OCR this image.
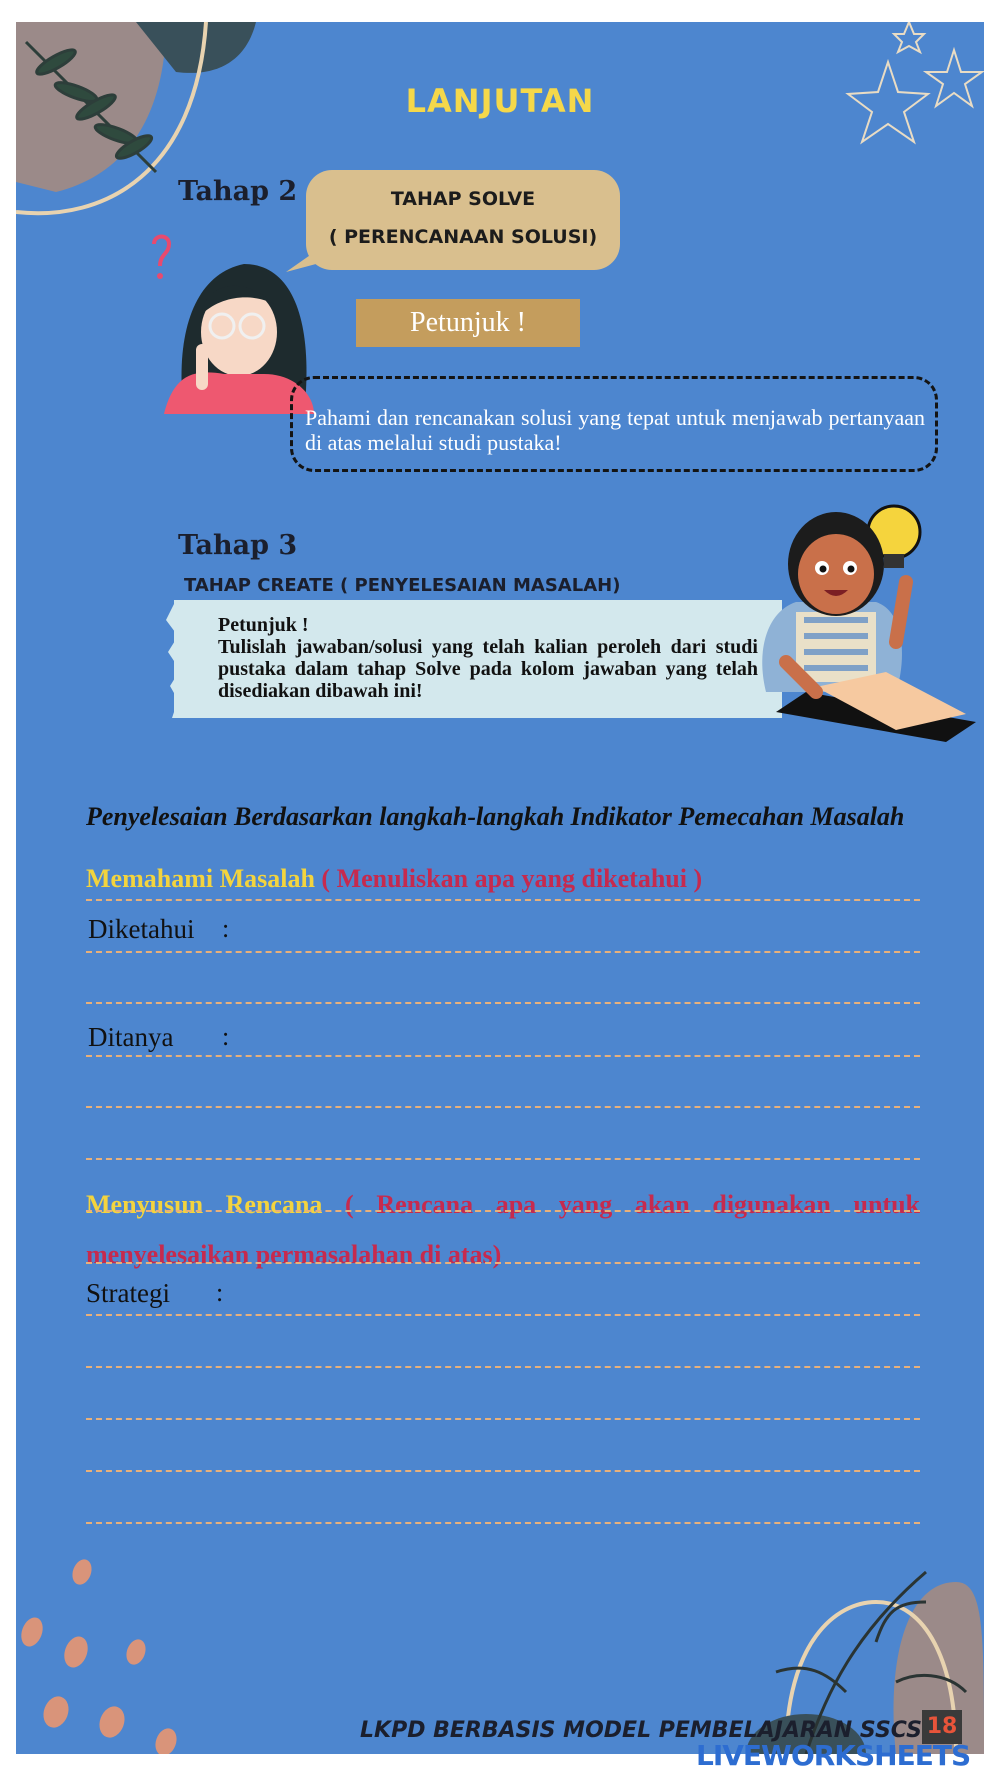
LANJUTAN
Tahap 2	TAHAP SOLVE
( PERENCANAAN SOLUSI)
Petunjuk !
Pahami dan rencanakan solusi yang tepat untuk menjawab pertanyaan di atas melalui studi pustaka!
Tahap 3
TAHAP CREATE ( PENYELESAIAN MASALAH)
Petunjuk !
Tulislah jawaban/solusi yang telah kalian peroleh dari studi pustaka dalam tahap Solve pada kolom jawaban yang telah disediakan dibawah ini!
Penyelesaian Berdasarkan langkah-langkah Indikator Pemecahan Masalah
Memahami Masalah ( Menuliskan apa yang diketahui )
Diketahui :
Ditanya :
Menyusun Rencana ( Rencana apa yang akan digunakan untuk menyelesaikan permasalahan di atas)
Strategi :
LKPD BERBASIS MODEL PEMBELAJARAN SSCS 18
LIVEWORKSHEETS
